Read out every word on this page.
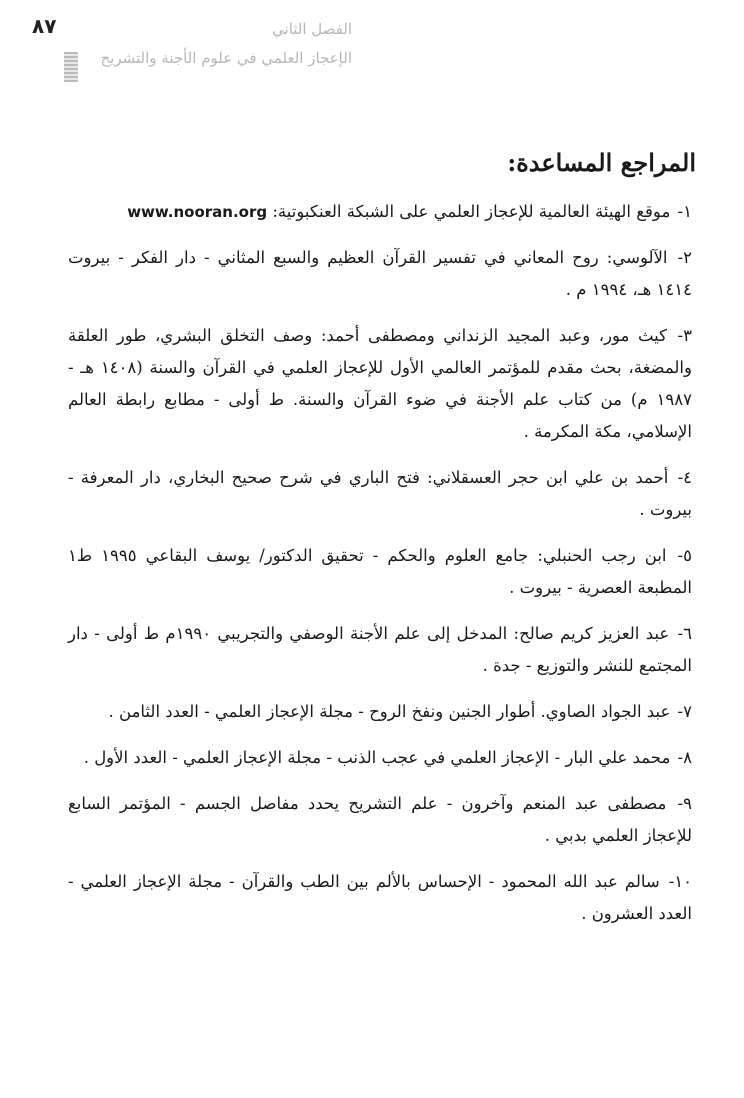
٨٧	الفصل الثاني
الإعجاز العلمي في علوم الأجنة والتشريح
المراجع المساعدة:
١- موقع الهيئة العالمية للإعجاز العلمي على الشبكة العنكبوتية: www.nooran.org
٢- الآلوسي: روح المعاني في تفسير القرآن العظيم والسبع المثاني - دار الفكر - بيروت ١٤١٤ هـ، ١٩٩٤ م .
٣- كيث مور، وعبد المجيد الزنداني ومصطفى أحمد: وصف التخلق البشري، طور العلقة والمضغة، بحث مقدم للمؤتمر العالمي الأول للإعجاز العلمي في القرآن والسنة (١٤٠٨ هـ - ١٩٨٧ م) من كتاب علم الأجنة في ضوء القرآن والسنة. ط أولى - مطابع رابطة العالم الإسلامي، مكة المكرمة .
٤- أحمد بن علي ابن حجر العسقلاني: فتح الباري في شرح صحيح البخاري، دار المعرفة - بيروت .
٥- ابن رجب الحنبلي: جامع العلوم والحكم - تحقيق الدكتور/ يوسف البقاعي ١٩٩٥ ط١ المطبعة العصرية - بيروت .
٦- عبد العزيز كريم صالح: المدخل إلى علم الأجنة الوصفي والتجريبي ١٩٩٠م ط أولى - دار المجتمع للنشر والتوزيع - جدة .
٧- عبد الجواد الصاوي. أطوار الجنين ونفخ الروح - مجلة الإعجاز العلمي - العدد الثامن .
٨- محمد علي البار - الإعجاز العلمي في عجب الذنب - مجلة الإعجاز العلمي - العدد الأول .
٩- مصطفى عبد المنعم وآخرون - علم التشريح يحدد مفاصل الجسم - المؤتمر السابع للإعجاز العلمي بدبي .
١٠- سالم عبد الله المحمود - الإحساس بالألم بين الطب والقرآن - مجلة الإعجاز العلمي - العدد العشرون .
